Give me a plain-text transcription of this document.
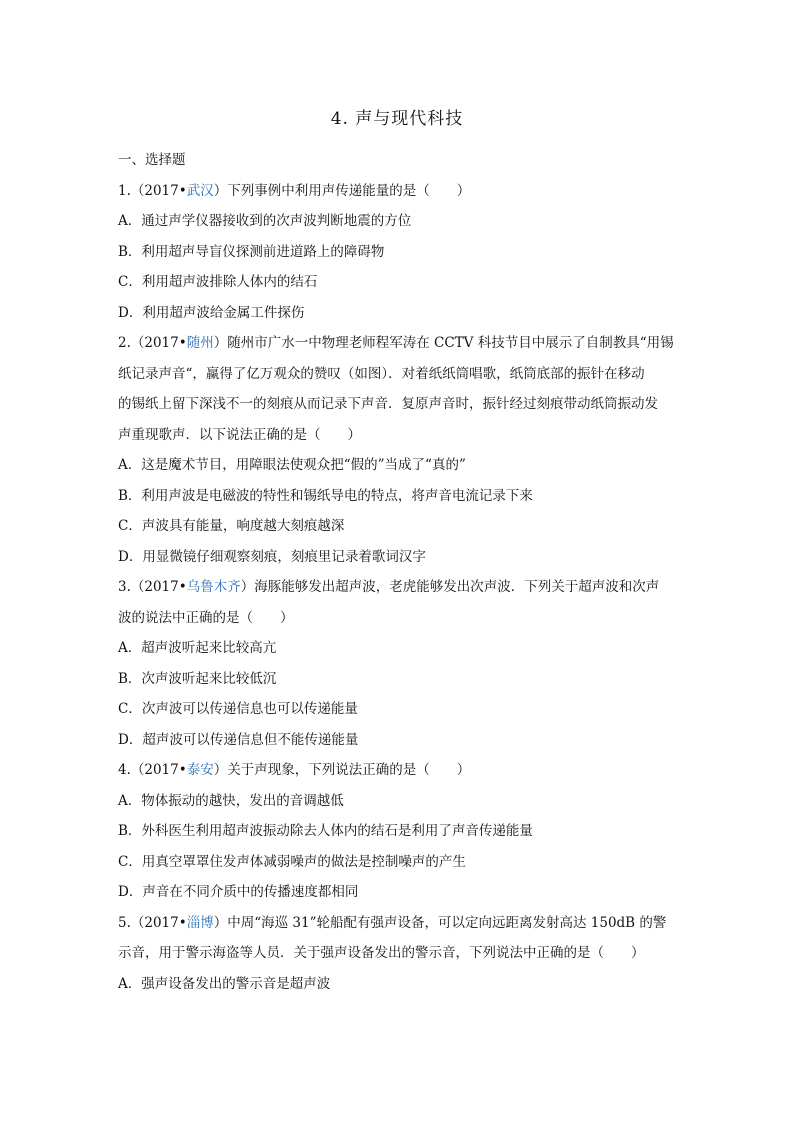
4. 声与现代科技
一、选择题
1.（2017•武汉）下列事例中利用声传递能量的是（　　）
A．通过声学仪器接收到的次声波判断地震的方位
B．利用超声导盲仪探测前进道路上的障碍物
C．利用超声波排除人体内的结石
D．利用超声波给金属工件探伤
2.（2017•随州）随州市广水一中物理老师程军涛在 CCTV 科技节目中展示了自制教具“用锡
纸记录声音“，赢得了亿万观众的赞叹（如图）．对着纸纸筒唱歌，纸筒底部的振针在移动
的锡纸上留下深浅不一的刻痕从而记录下声音．复原声音时，振针经过刻痕带动纸筒振动发
声重现歌声．以下说法正确的是（　　）
A．这是魔术节目，用障眼法使观众把“假的”当成了“真的”
B．利用声波是电磁波的特性和锡纸导电的特点，将声音电流记录下来
C．声波具有能量，响度越大刻痕越深
D．用显微镜仔细观察刻痕，刻痕里记录着歌词汉字
3.（2017•乌鲁木齐）海豚能够发出超声波，老虎能够发出次声波．下列关于超声波和次声
波的说法中正确的是（　　）
A．超声波听起来比较高亢
B．次声波听起来比较低沉
C．次声波可以传递信息也可以传递能量
D．超声波可以传递信息但不能传递能量
4.（2017•泰安）关于声现象，下列说法正确的是（　　）
A．物体振动的越快，发出的音调越低
B．外科医生利用超声波振动除去人体内的结石是利用了声音传递能量
C．用真空罩罩住发声体减弱噪声的做法是控制噪声的产生
D．声音在不同介质中的传播速度都相同
5.（2017•淄博）中周“海巡 31”轮船配有强声设备，可以定向远距离发射高达 150dB 的警
示音，用于警示海盗等人员．关于强声设备发出的警示音，下列说法中正确的是（　　）
A．强声设备发出的警示音是超声波
